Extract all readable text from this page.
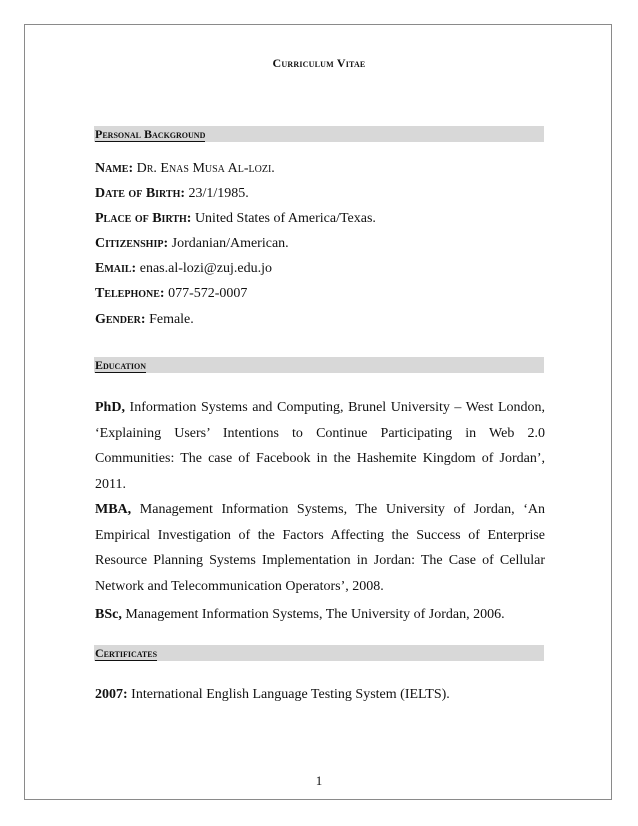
Curriculum Vitae
Personal Background
Name: Dr. Enas Musa Al-lozi.
Date of Birth: 23/1/1985.
Place of Birth: United States of America/Texas.
Citizenship: Jordanian/American.
Email: enas.al-lozi@zuj.edu.jo
Telephone: 077-572-0007
Gender: Female.
Education
PhD, Information Systems and Computing, Brunel University – West London, ‘Explaining Users’ Intentions to Continue Participating in Web 2.0 Communities: The case of Facebook in the Hashemite Kingdom of Jordan’, 2011.
MBA, Management Information Systems, The University of Jordan, ‘An Empirical Investigation of the Factors Affecting the Success of Enterprise Resource Planning Systems Implementation in Jordan: The Case of Cellular Network and Telecommunication Operators’, 2008.
BSc, Management Information Systems, The University of Jordan, 2006.
Certificates
2007: International English Language Testing System (IELTS).
1
